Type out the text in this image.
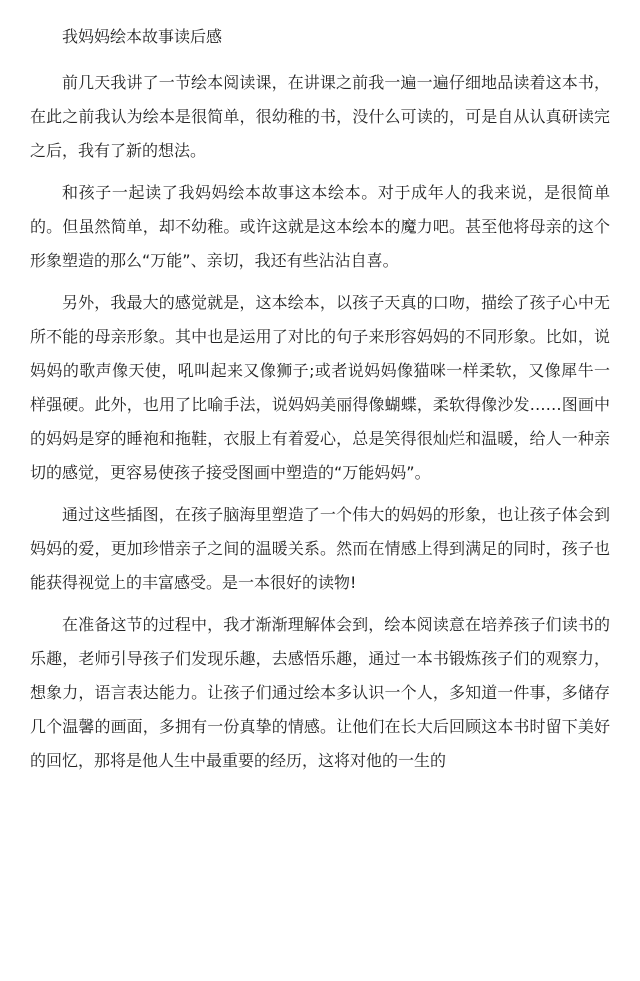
我妈妈绘本故事读后感

前几天我讲了一节绘本阅读课，在讲课之前我一遍一遍仔细地品读着这本书，在此之前我认为绘本是很简单，很幼稚的书，没什么可读的，可是自从认真研读完之后，我有了新的想法。

和孩子一起读了我妈妈绘本故事这本绘本。对于成年人的我来说，是很简单的。但虽然简单，却不幼稚。或许这就是这本绘本的魔力吧。甚至他将母亲的这个形象塑造的那么“万能”、亲切，我还有些沾沾自喜。

另外，我最大的感觉就是，这本绘本，以孩子天真的口吻，描绘了孩子心中无所不能的母亲形象。其中也是运用了对比的句子来形容妈妈的不同形象。比如，说妈妈的歌声像天使，吼叫起来又像狮子;或者说妈妈像猫咪一样柔软，又像犀牛一样强硬。此外，也用了比喻手法，说妈妈美丽得像蝴蝶，柔软得像沙发……图画中的妈妈是穿的睡袍和拖鞋，衣服上有着爱心，总是笑得很灿烂和温暖，给人一种亲切的感觉，更容易使孩子接受图画中塑造的“万能妈妈”。

通过这些插图，在孩子脑海里塑造了一个伟大的妈妈的形象，也让孩子体会到妈妈的爱，更加珍惜亲子之间的温暖关系。然而在情感上得到满足的同时，孩子也能获得视觉上的丰富感受。是一本很好的读物!

在准备这节的过程中，我才渐渐理解体会到，绘本阅读意在培养孩子们读书的乐趣，老师引导孩子们发现乐趣，去感悟乐趣，通过一本书锻炼孩子们的观察力，想象力，语言表达能力。让孩子们通过绘本多认识一个人，多知道一件事，多储存几个温馨的画面，多拥有一份真挚的情感。让他们在长大后回顾这本书时留下美好的回忆，那将是他人生中最重要的经历，这将对他的一生的
